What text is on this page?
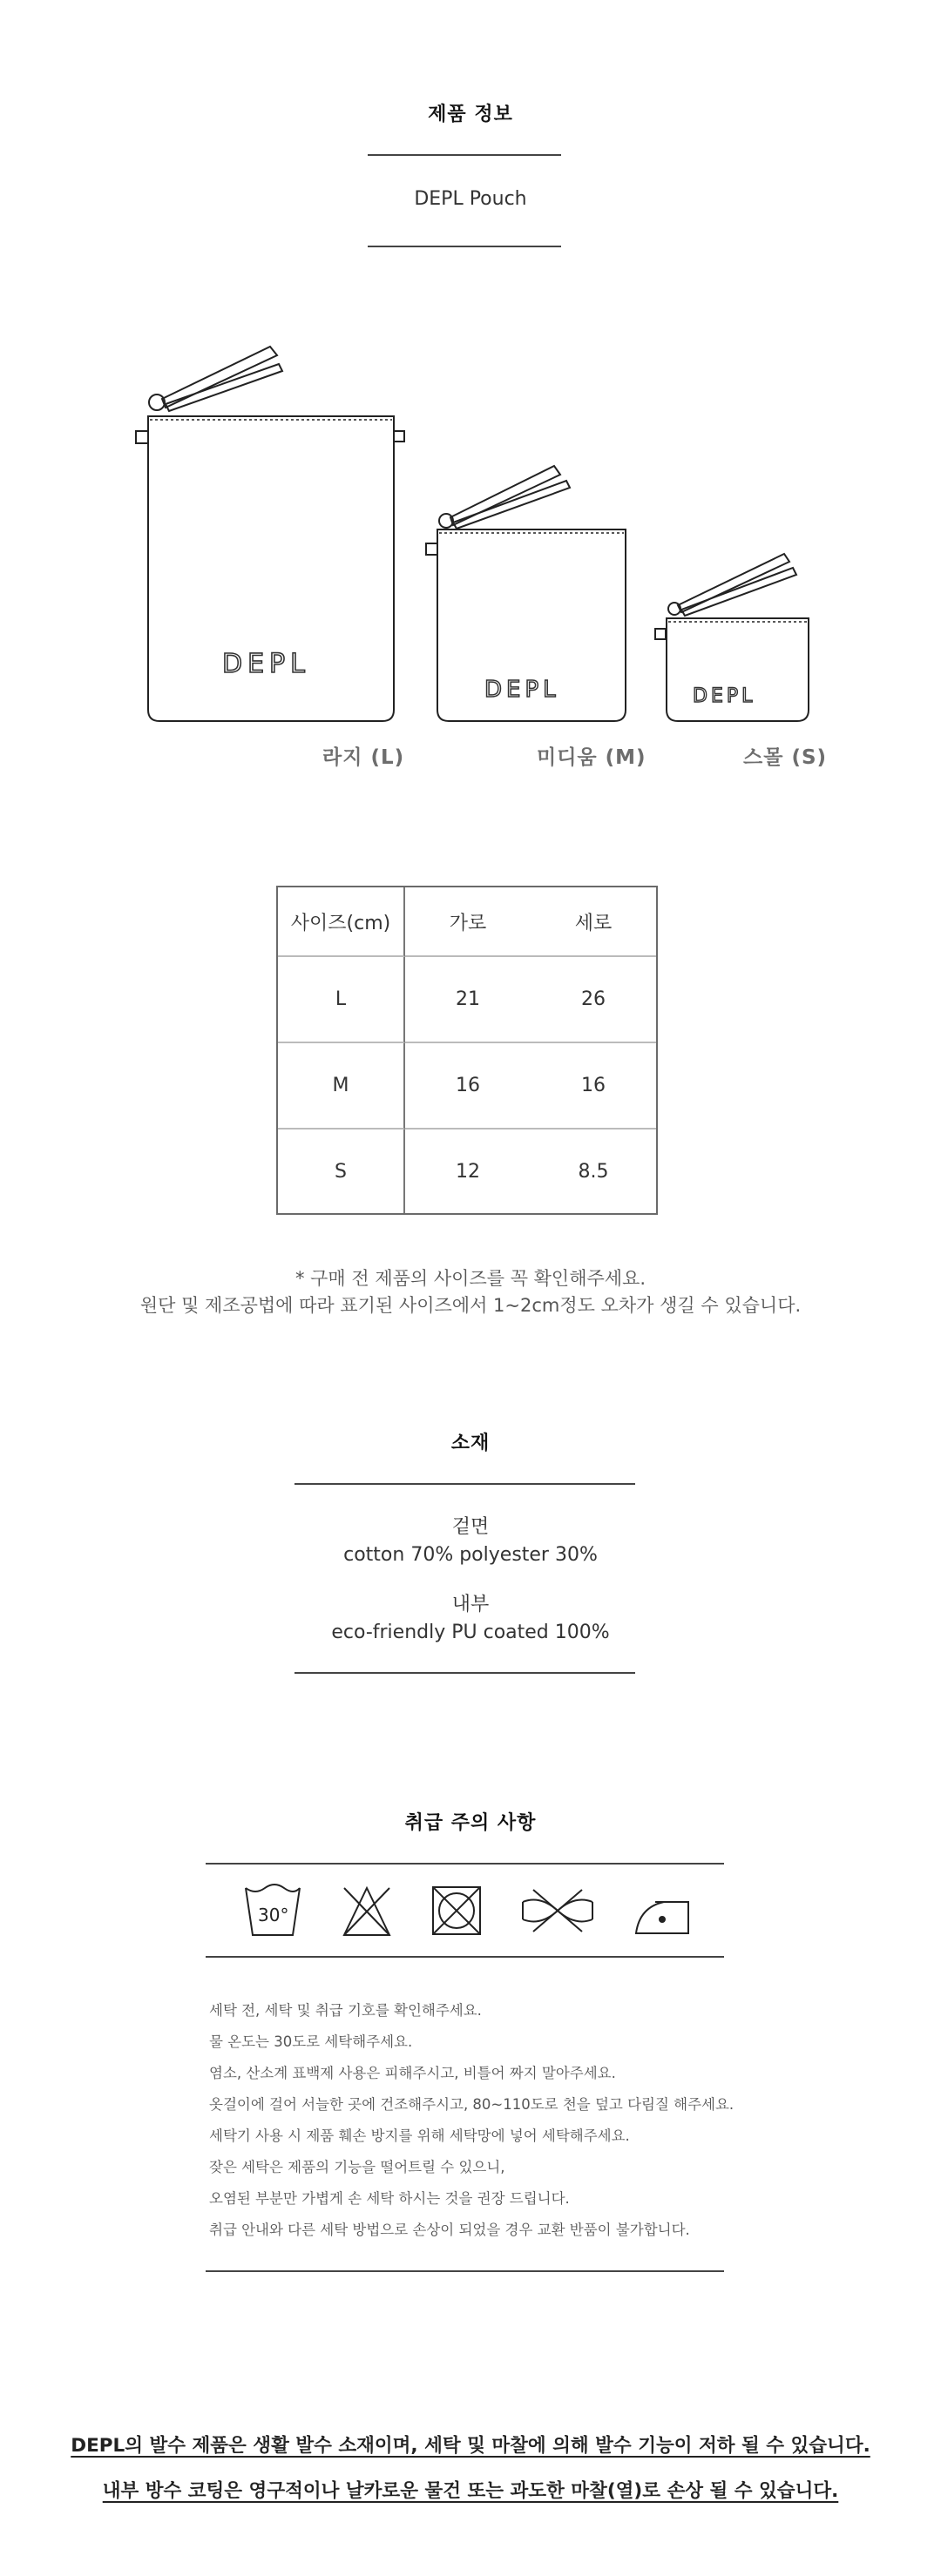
제품 정보
DEPL Pouch
DEPL
DEPL	DEPL
라지 (L)	미디움 (M)	스몰 (S)
사이즈(cm)	가로	세로
L	21	26
M	16	16
S	12	8.5
* 구매 전 제품의 사이즈를 꼭 확인해주세요.
원단 및 제조공법에 따라 표기된 사이즈에서 1~2cm정도 오차가 생길 수 있습니다.
소재
겉면
cotton 70% polyester 30%
내부
eco-friendly PU coated 100%
취급 주의 사항
30°
세탁 전, 세탁 및 취급 기호를 확인해주세요.
물 온도는 30도로 세탁해주세요.
염소, 산소계 표백제 사용은 피해주시고, 비틀어 짜지 말아주세요.
옷걸이에 걸어 서늘한 곳에 건조해주시고, 80~110도로 천을 덮고 다림질 해주세요.
세탁기 사용 시 제품 훼손 방지를 위해 세탁망에 넣어 세탁해주세요.
잦은 세탁은 제품의 기능을 떨어트릴 수 있으니,
오염된 부분만 가볍게 손 세탁 하시는 것을 권장 드립니다.
취급 안내와 다른 세탁 방법으로 손상이 되었을 경우 교환 반품이 불가합니다.
DEPL의 발수 제품은 생활 발수 소재이며, 세탁 및 마찰에 의해 발수 기능이 저하 될 수 있습니다.
내부 방수 코팅은 영구적이나 날카로운 물건 또는 과도한 마찰(열)로 손상 될 수 있습니다.
